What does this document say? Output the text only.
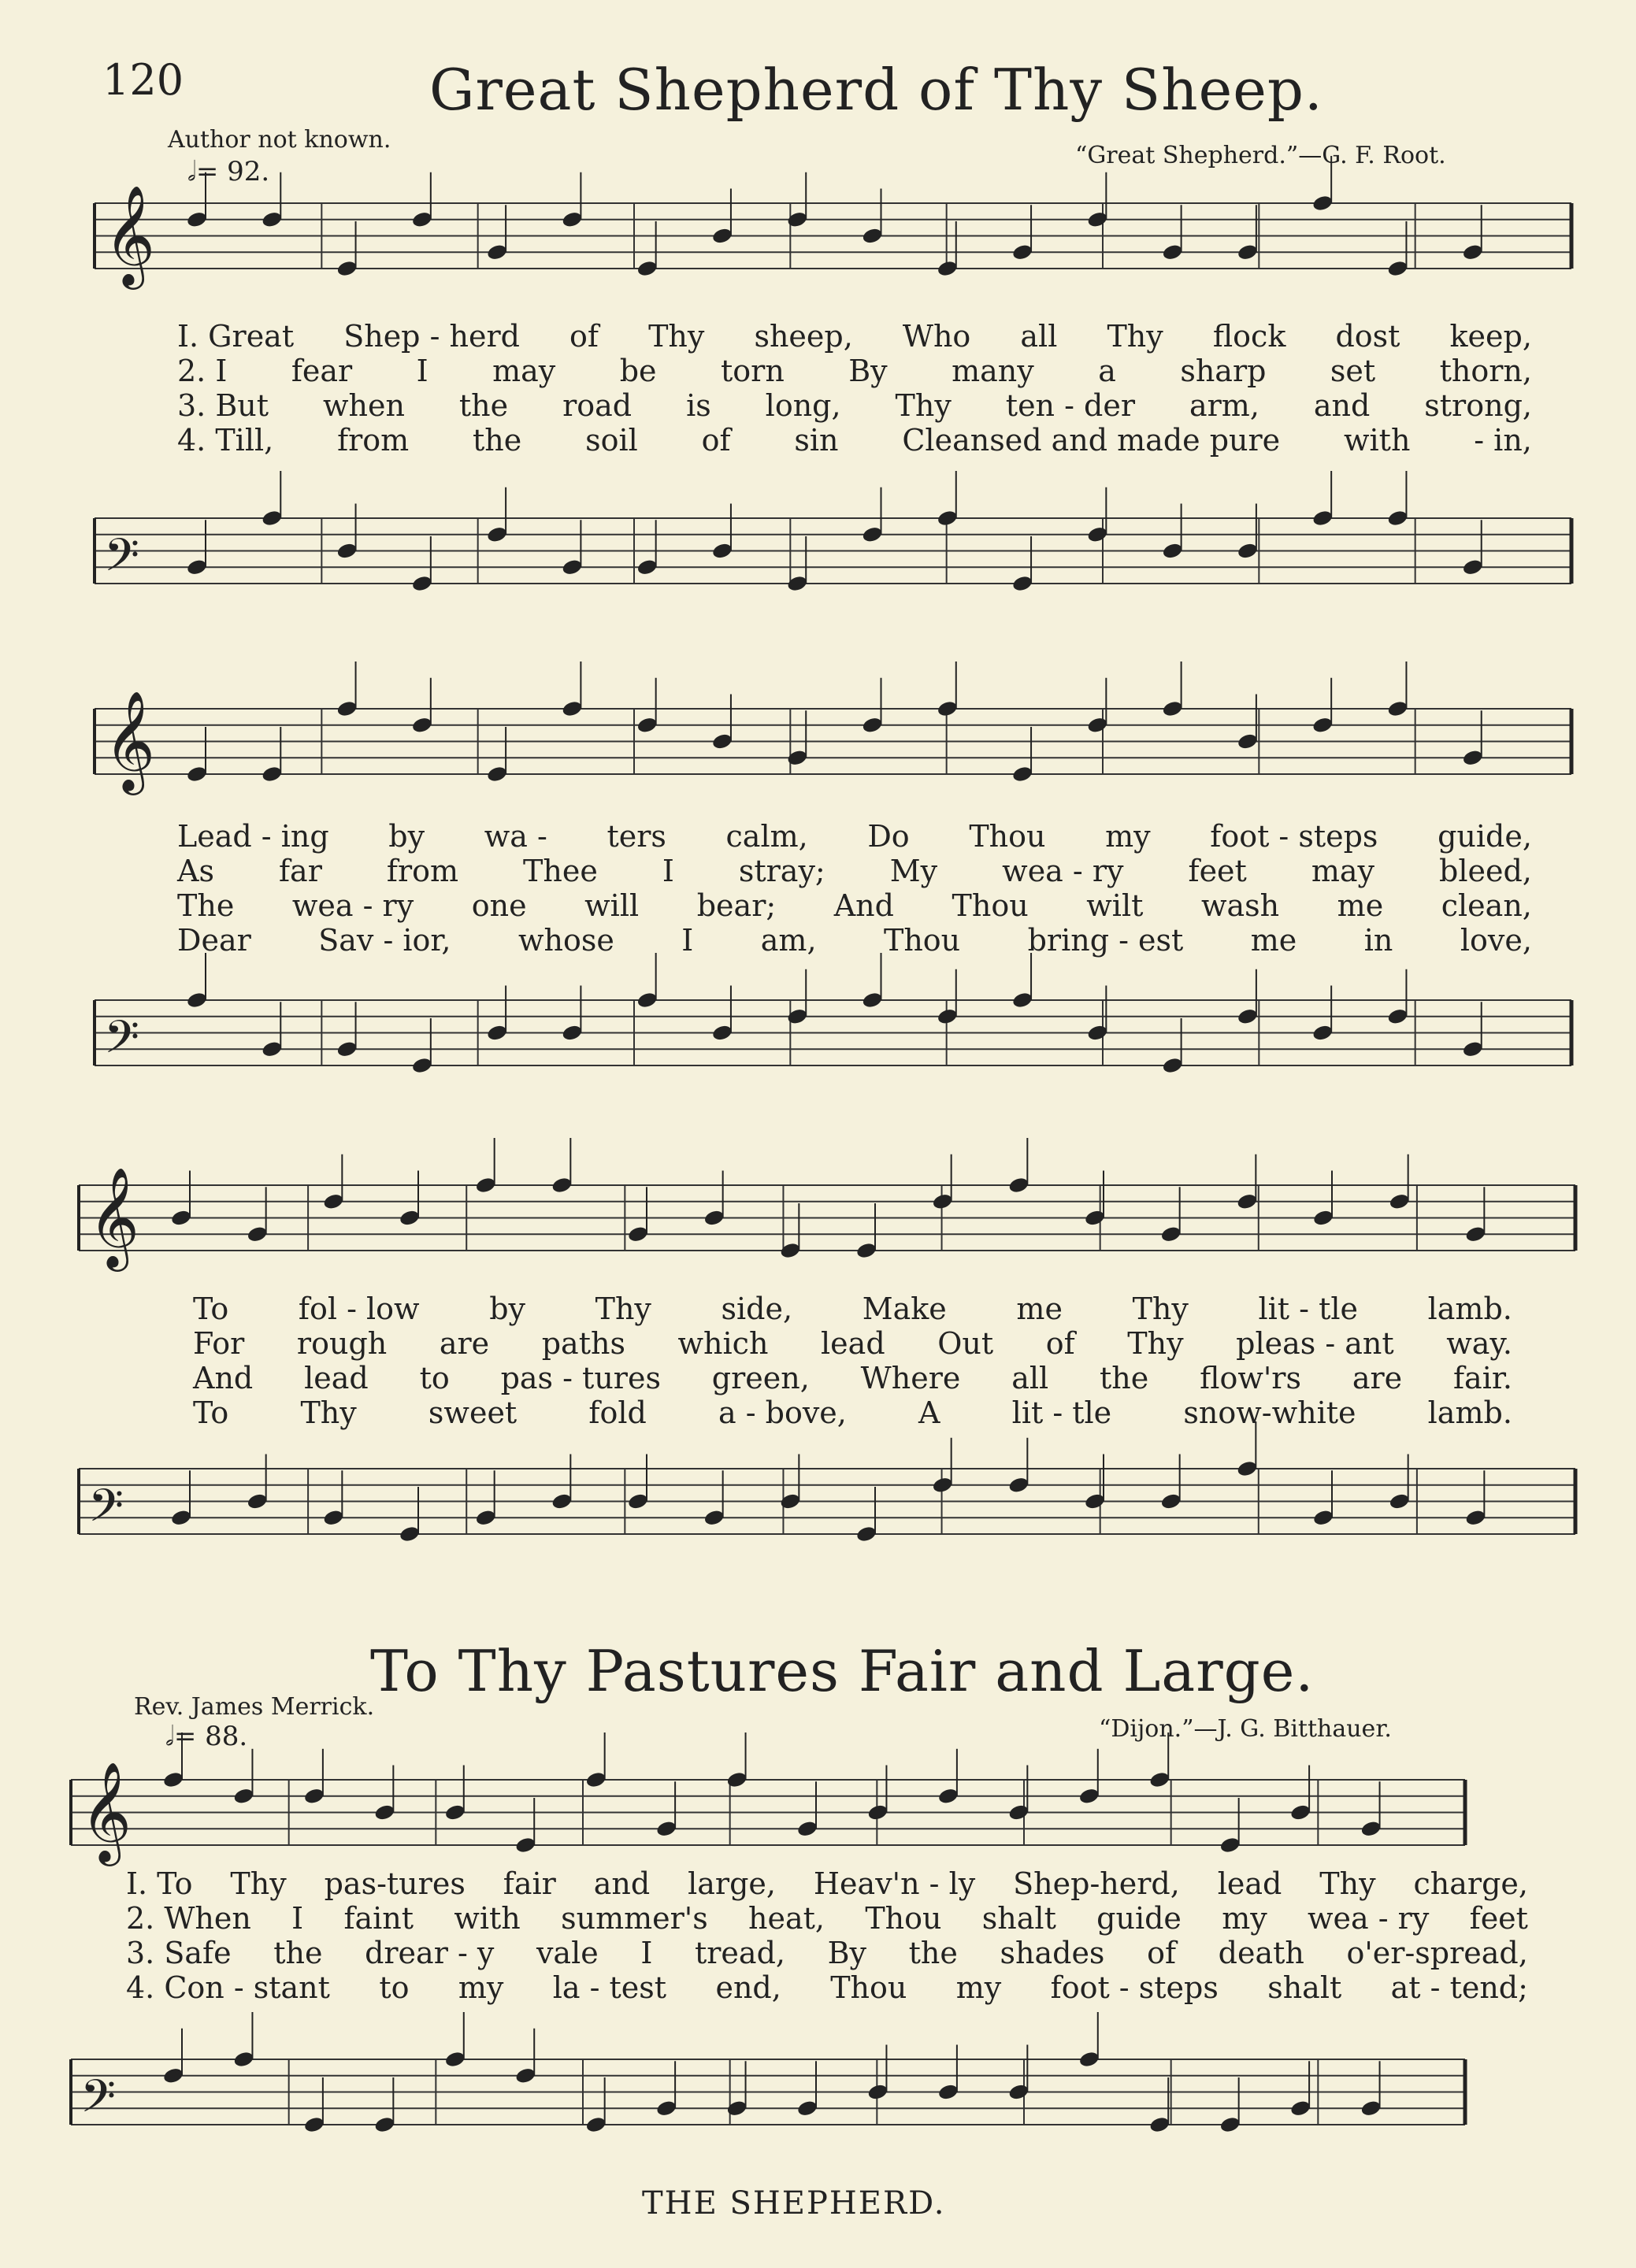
120	Great Shepherd of Thy Sheep.
Author not known.
“Great Shepherd.”—G. F. Root.
𝅗𝅥= 92.
𝄞
𝄢
𝄞
𝄢
𝄞
𝄢
To Thy Pastures Fair and Large.
Rev. James Merrick.
“Dijon.”—J. G. Bitthauer.
𝅗𝅥= 88.
𝄞
𝄢
THE SHEPHERD.
I. Great Shep - herd of Thy sheep, Who all Thy flock dost keep,
2. I fear I may be torn By many a sharp set thorn,
3. But when the road is long, Thy ten - der arm, and strong,
4. Till, from the soil of sin Cleansed and made pure with - in,
Lead - ing by wa - ters calm, Do Thou my foot - steps guide,
As far from Thee I stray; My wea - ry feet may bleed,
The wea - ry one will bear; And Thou wilt wash me clean,
Dear Sav - ior, whose I am, Thou bring - est me in love,
To fol - low by Thy side, Make me Thy lit - tle lamb.
For rough are paths which lead Out of Thy pleas - ant way.
And lead to pas - tures green, Where all the flow'rs are fair.
To Thy sweet fold a - bove, A lit - tle snow-white lamb.
I. To Thy pas-tures fair and large, Heav'n - ly Shep-herd, lead Thy charge,
2. When I faint with summer's heat, Thou shalt guide my wea - ry feet
3. Safe the drear - y vale I tread, By the shades of death o'er-spread,
4. Con - stant to my la - test end, Thou my foot - steps shalt at - tend;
